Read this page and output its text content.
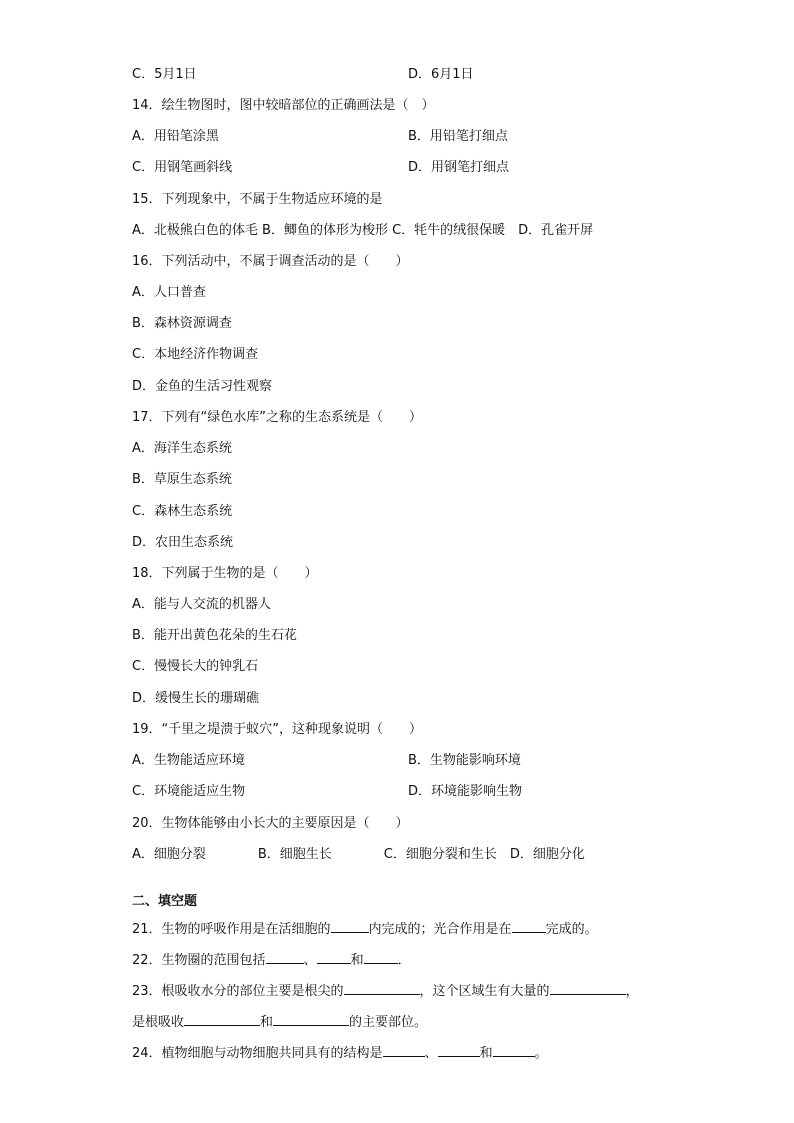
C．5月1日	D．6月1日
14．绘生物图时，图中较暗部位的正确画法是（　）
A．用铅笔涂黑	B．用铅笔打细点
C．用钢笔画斜线	D．用钢笔打细点
15．下列现象中，不属于生物适应环境的是
A．北极熊白色的体毛 B．鲫鱼的体形为梭形 C．牦牛的绒很保暖　D．孔雀开屏
16．下列活动中，不属于调查活动的是（　　）
A．人口普查
B．森林资源调查
C．本地经济作物调查
D．金鱼的生活习性观察
17．下列有“绿色水库”之称的生态系统是（　　）
A．海洋生态系统
B．草原生态系统
C．森林生态系统
D．农田生态系统
18．下列属于生物的是（　　）
A．能与人交流的机器人
B．能开出黄色花朵的生石花
C．慢慢长大的钟乳石
D．缓慢生长的珊瑚礁
19．“千里之堤溃于蚁穴”，这种现象说明（　　）
A．生物能适应环境	B．生物能影响环境
C．环境能适应生物	D．环境能影响生物
20．生物体能够由小长大的主要原因是（　　）
A．细胞分裂　　　　B．细胞生长　　　　C．细胞分裂和生长　D．细胞分化
二、填空题
21．生物的呼吸作用是在活细胞的	内完成的；光合作用是在	完成的。
22．生物圈的范围包括	、	和	．
23．根吸收水分的部位主要是根尖的	，这个区域生有大量的	，
是根吸收	和	的主要部位。
24．植物细胞与动物细胞共同具有的结构是	、	和	。
